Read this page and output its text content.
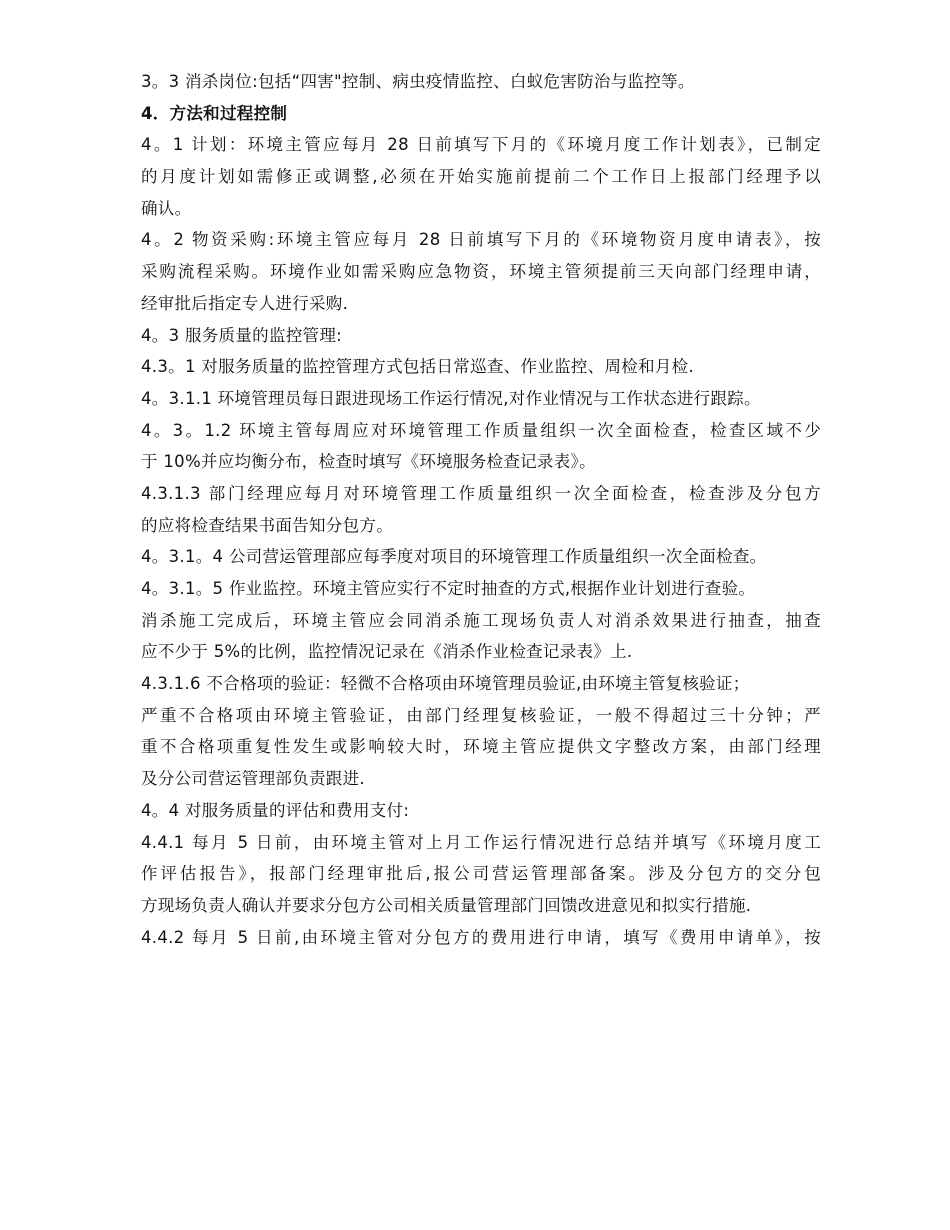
3。3 消杀岗位:包括“四害"控制、病虫疫情监控、白蚁危害防治与监控等。
4．方法和过程控制
4。1 计划：环境主管应每月 28 日前填写下月的《环境月度工作计划表》，已制定
的月度计划如需修正或调整,必须在开始实施前提前二个工作日上报部门经理予以
确认。
4。2 物资采购:环境主管应每月 28 日前填写下月的《环境物资月度申请表》，按
采购流程采购。环境作业如需采购应急物资，环境主管须提前三天向部门经理申请，
经审批后指定专人进行采购.
4。3 服务质量的监控管理:
4.3。1 对服务质量的监控管理方式包括日常巡查、作业监控、周检和月检.
4。3.1.1 环境管理员每日跟进现场工作运行情况,对作业情况与工作状态进行跟踪。
4。3。1.2 环境主管每周应对环境管理工作质量组织一次全面检查，检查区域不少
于 10%并应均衡分布，检查时填写《环境服务检查记录表》。
4.3.1.3 部门经理应每月对环境管理工作质量组织一次全面检查，检查涉及分包方
的应将检查结果书面告知分包方。
4。3.1。4 公司营运管理部应每季度对项目的环境管理工作质量组织一次全面检查。
4。3.1。5 作业监控。环境主管应实行不定时抽查的方式,根据作业计划进行查验。
消杀施工完成后，环境主管应会同消杀施工现场负责人对消杀效果进行抽查，抽查
应不少于 5%的比例，监控情况记录在《消杀作业检查记录表》上.
4.3.1.6 不合格项的验证：轻微不合格项由环境管理员验证,由环境主管复核验证；
严重不合格项由环境主管验证，由部门经理复核验证，一般不得超过三十分钟；严
重不合格项重复性发生或影响较大时，环境主管应提供文字整改方案，由部门经理
及分公司营运管理部负责跟进.
4。4 对服务质量的评估和费用支付:
4.4.1 每月 5 日前，由环境主管对上月工作运行情况进行总结并填写《环境月度工
作评估报告》，报部门经理审批后,报公司营运管理部备案。涉及分包方的交分包
方现场负责人确认并要求分包方公司相关质量管理部门回馈改进意见和拟实行措施.
4.4.2 每月 5 日前,由环境主管对分包方的费用进行申请，填写《费用申请单》，按
